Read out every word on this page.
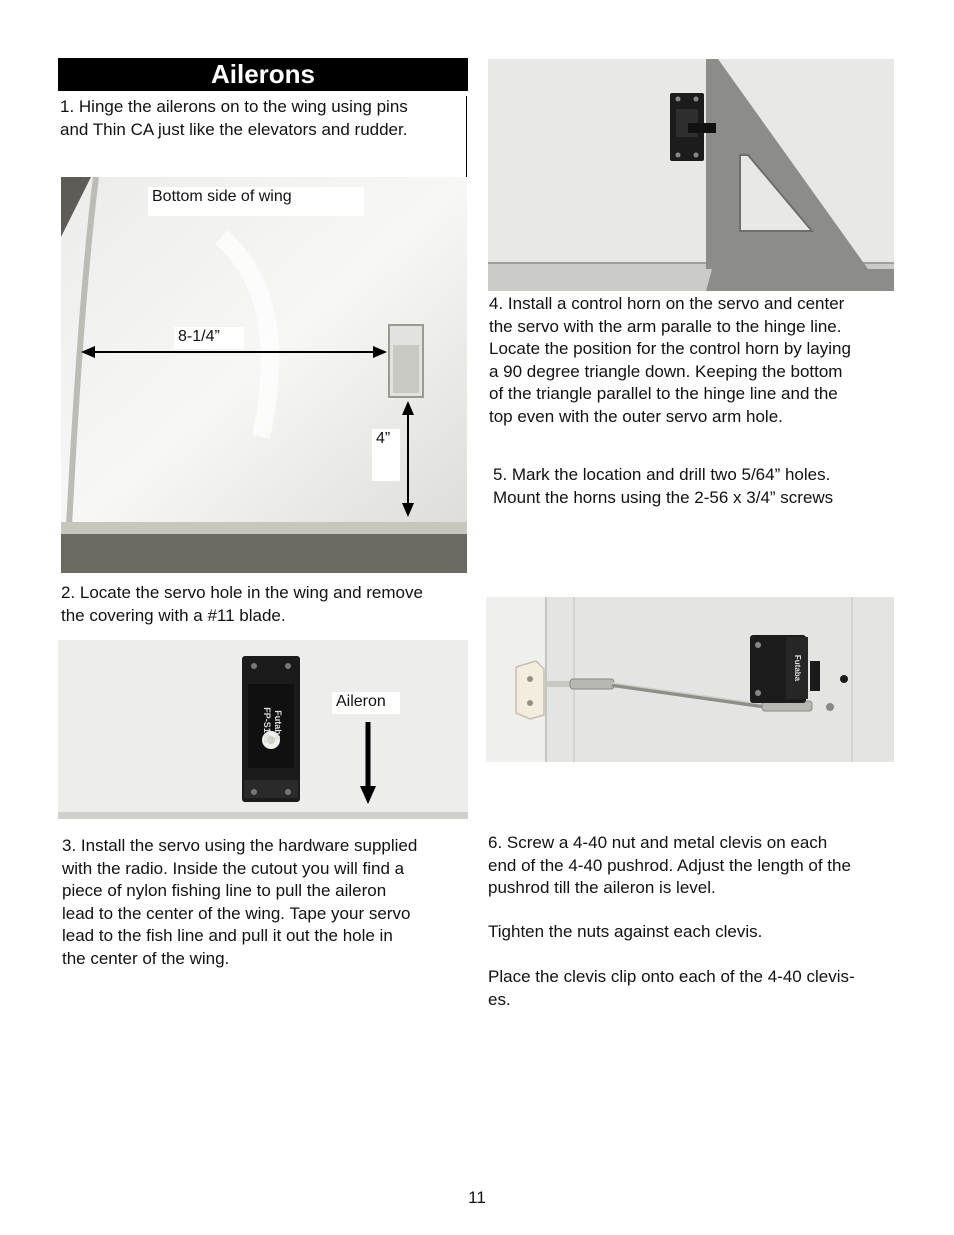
Ailerons
1. Hinge the ailerons on to the wing using pins
and Thin CA just like the elevators and rudder.
Bottom side of wing
8-1/4”
4”
2. Locate the servo hole in the wing and remove
the covering with a #11 blade.
Futaba
FP-S148
Aileron
3. Install the servo using the hardware supplied
with the radio. Inside the cutout you will find a
piece of nylon fishing line to pull the aileron
lead to the center of the wing. Tape your servo
lead to the fish line and pull it out the hole in
the center of the wing.
4. Install a control horn on the servo and center
the servo with the arm paralle to the hinge line.
Locate the position for the control horn by laying
a 90 degree triangle down. Keeping the bottom
of the triangle parallel to the hinge line and the
top even with the outer servo arm hole.
5. Mark the location and drill two 5/64” holes.
Mount the horns using the 2-56 x 3/4” screws
Futaba
6. Screw a 4-40 nut and metal clevis on each
end of the 4-40 pushrod. Adjust the length of the
pushrod till the aileron is level.
Tighten the nuts against each clevis.
Place the clevis clip onto each of the 4-40 clevis-
es.
11
